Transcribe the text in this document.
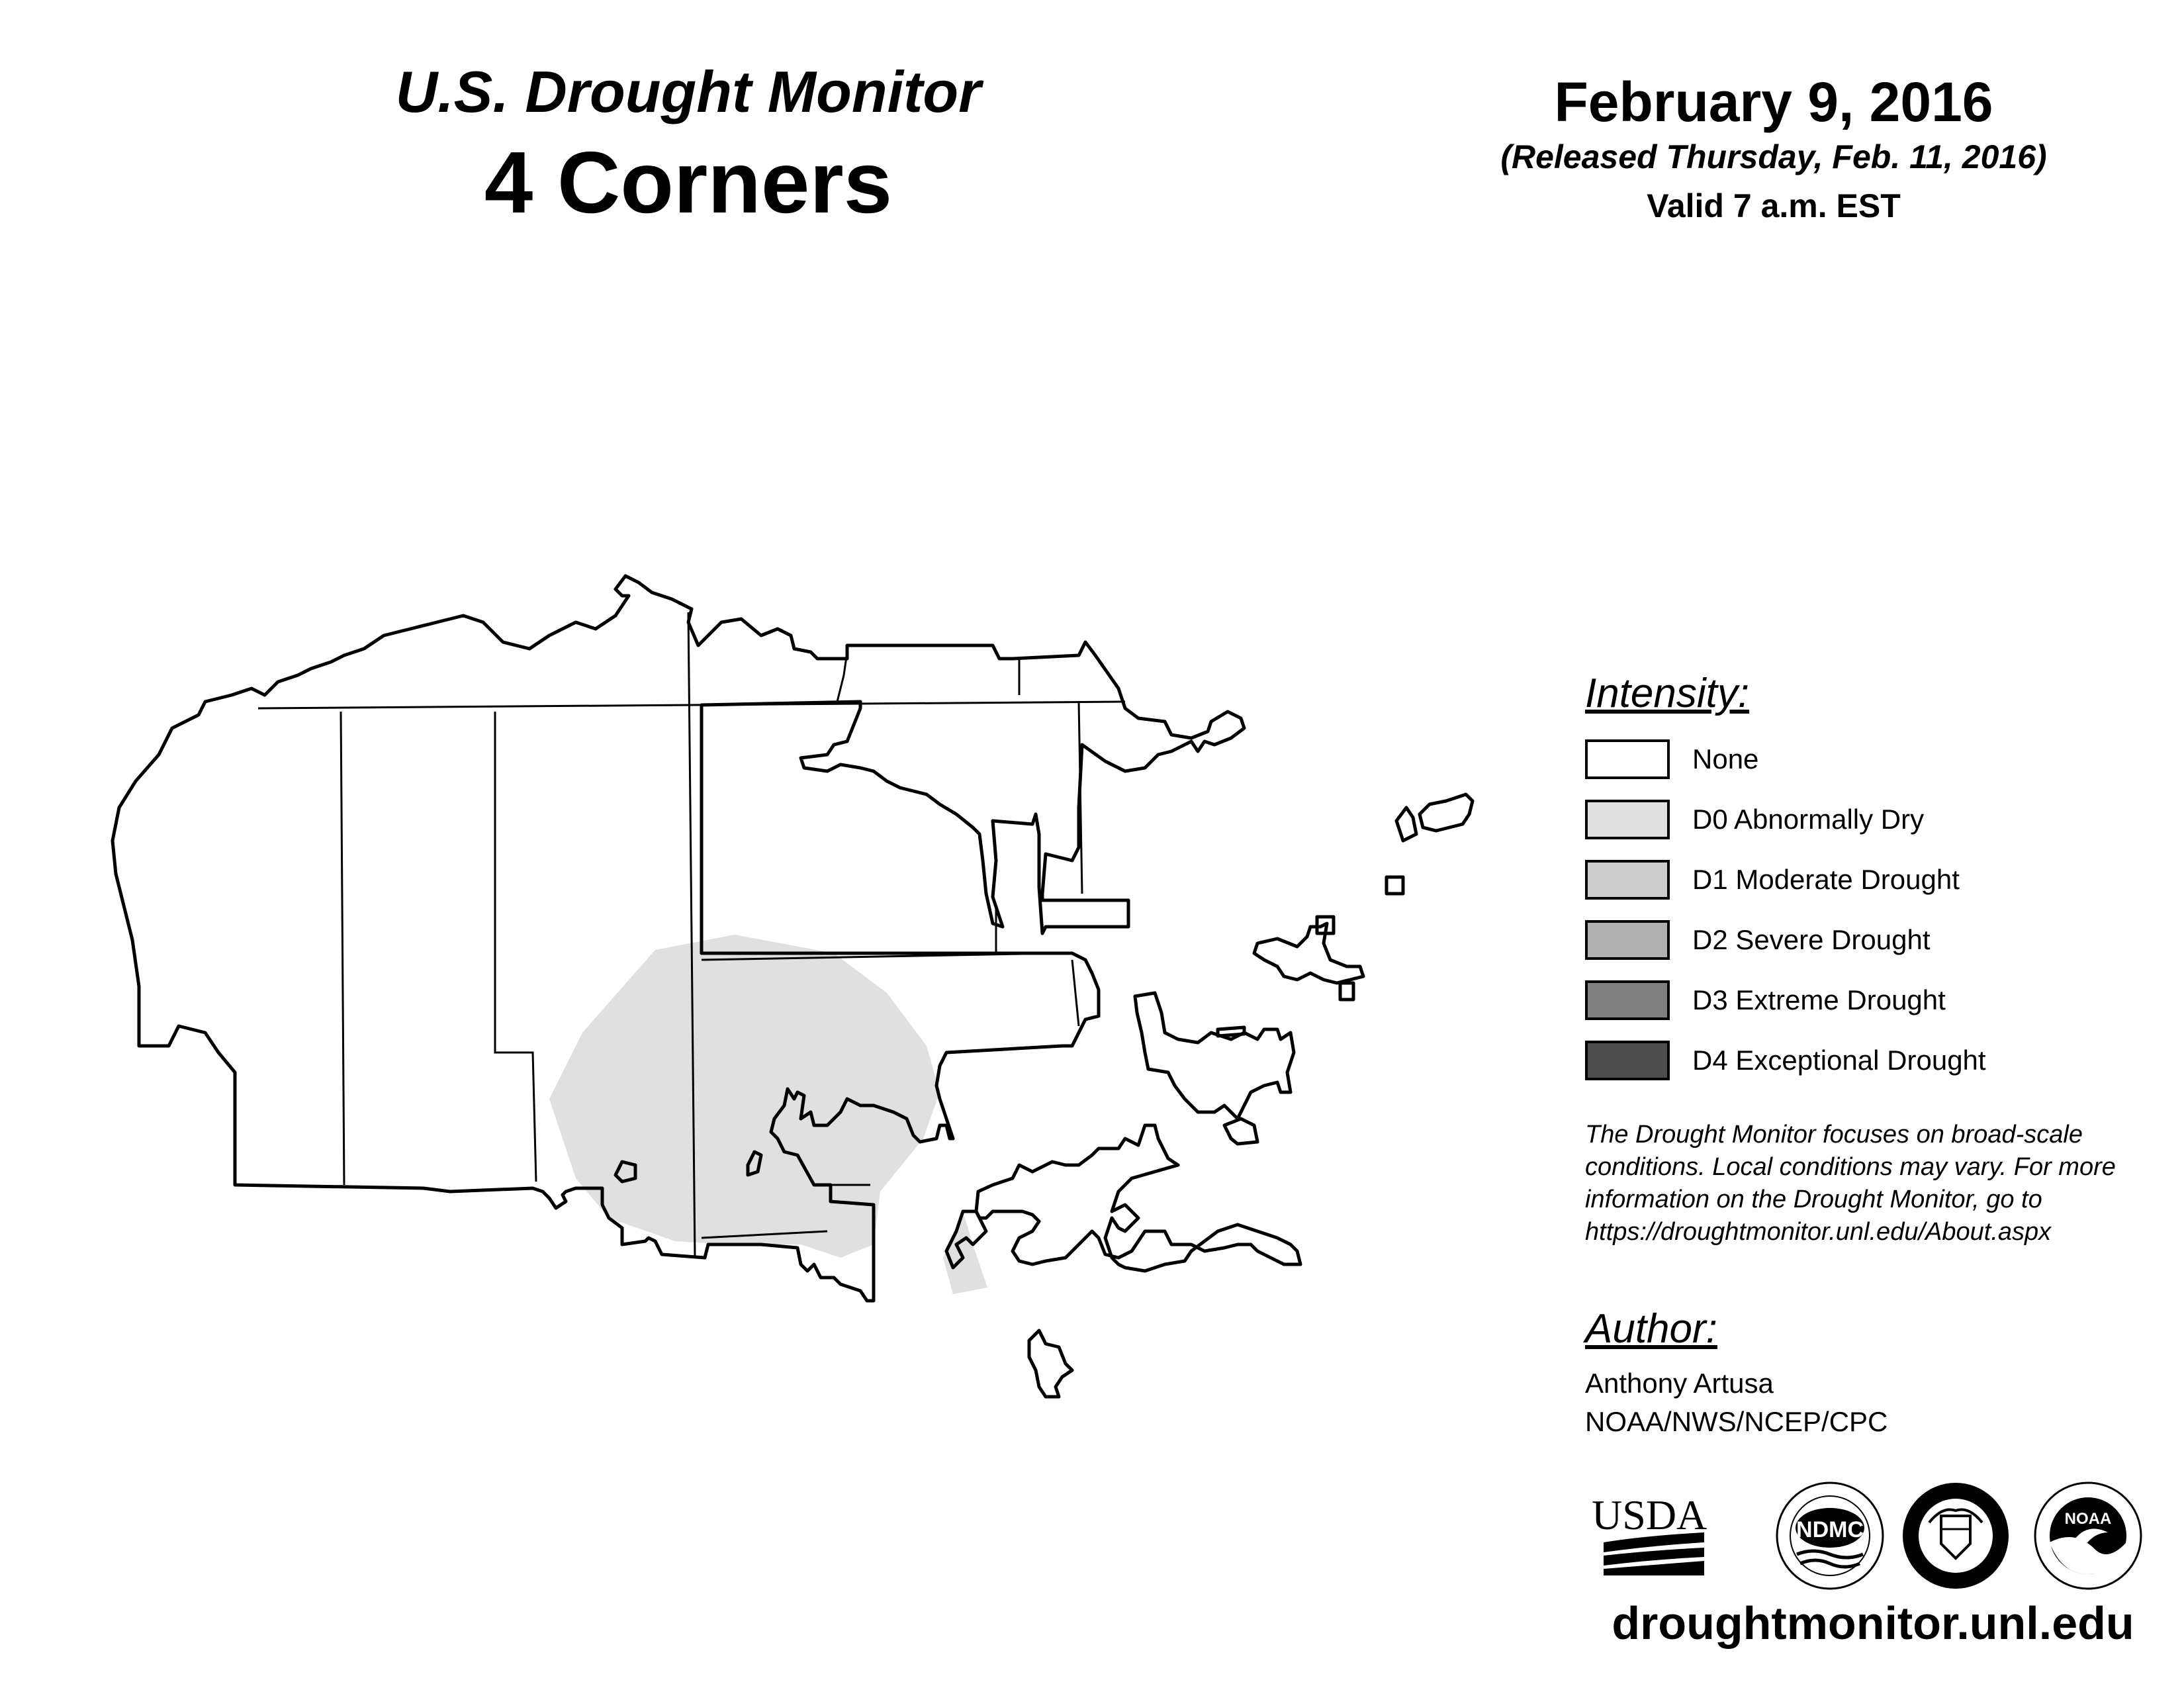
U.S. Drought Monitor
4 Corners
February 9, 2016
(Released Thursday, Feb. 11, 2016)
Valid 7 a.m. EST
Intensity:
None
D0 Abnormally Dry
D1 Moderate Drought
D2 Severe Drought
D3 Extreme Drought
D4 Exceptional Drought
The Drought Monitor focuses on broad-scale conditions. Local conditions may vary. For more information on the Drought Monitor, go to https://droughtmonitor.unl.edu/About.aspx
Author:
Anthony Artusa
NOAA/NWS/NCEP/CPC
USDA	NDMC	NOAA
droughtmonitor.unl.edu
